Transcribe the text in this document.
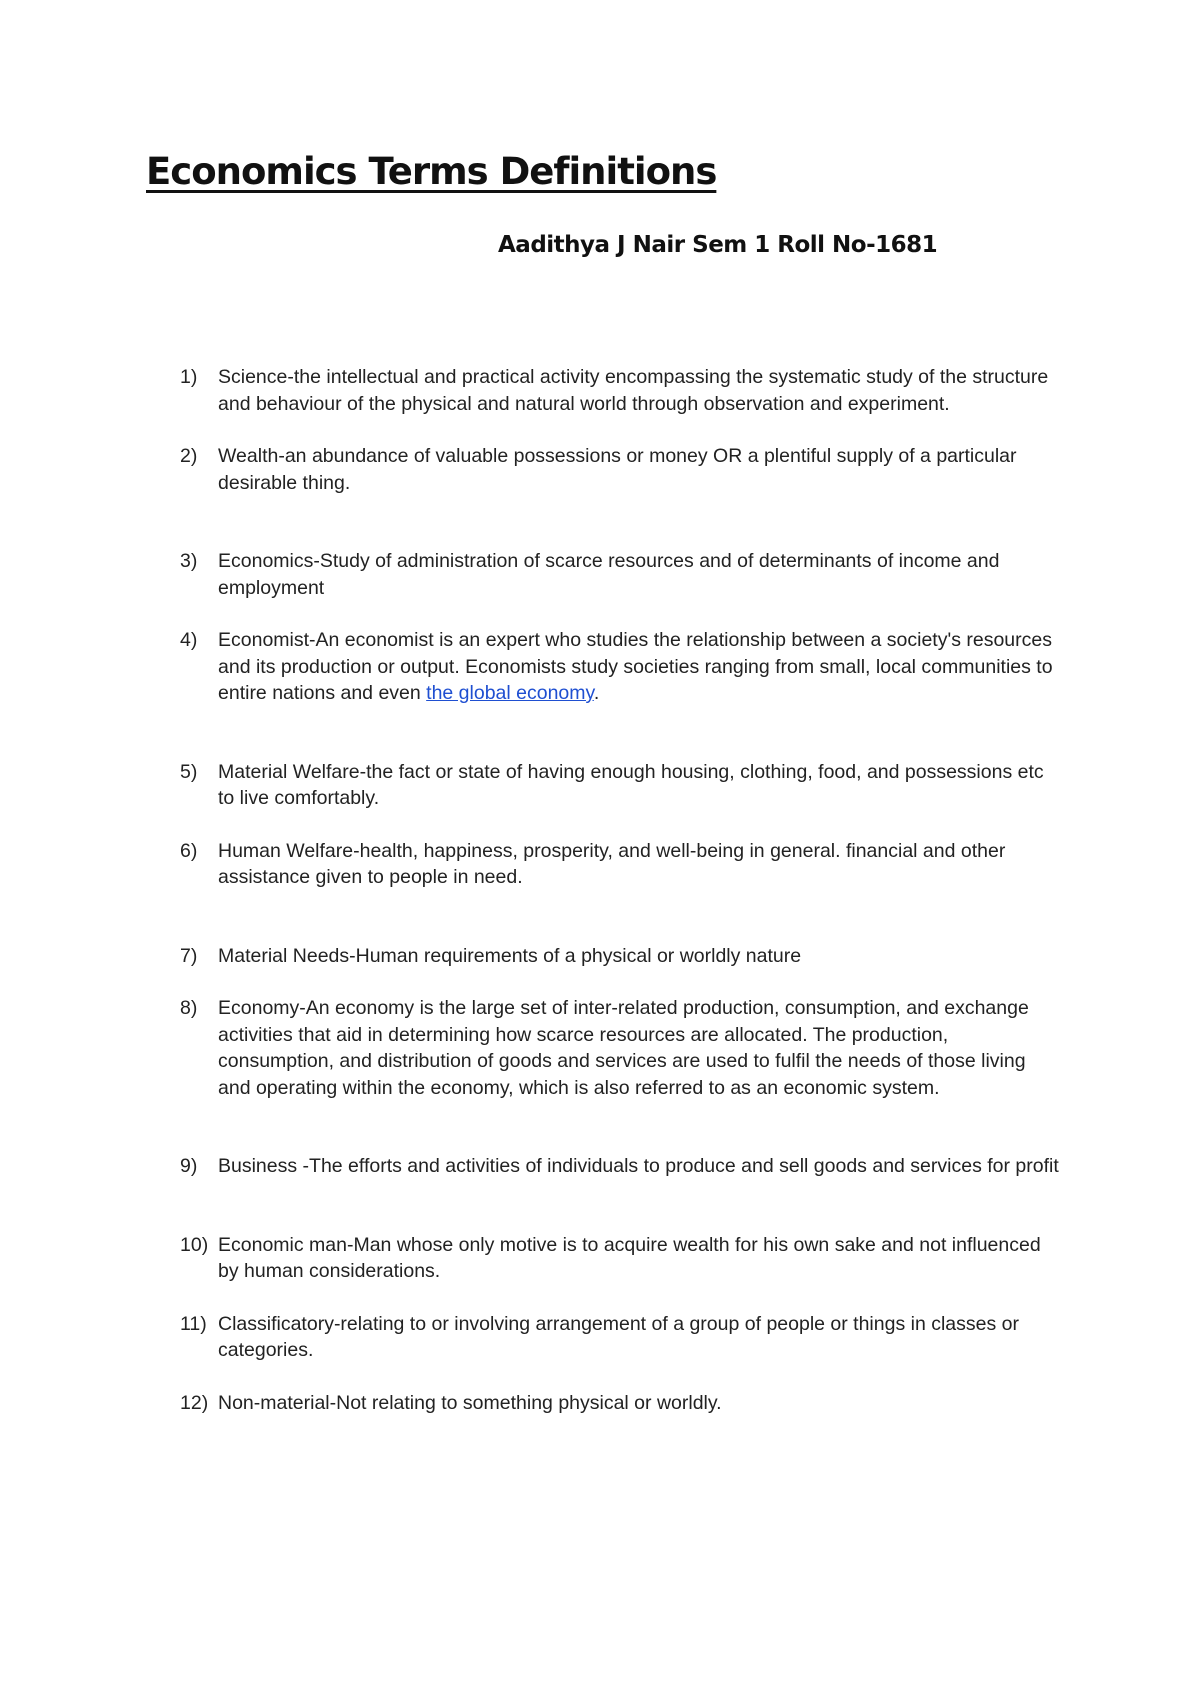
Economics Terms Definitions

Aadithya J Nair Sem 1 Roll No-1681

1) Science-the intellectual and practical activity encompassing the systematic study of the structure and behaviour of the physical and natural world through observation and experiment.
2) Wealth-an abundance of valuable possessions or money OR a plentiful supply of a particular desirable thing.
3) Economics-Study of administration of scarce resources and of determinants of income and employment
4) Economist-An economist is an expert who studies the relationship between a society's resources and its production or output. Economists study societies ranging from small, local communities to entire nations and even the global economy.
5) Material Welfare-the fact or state of having enough housing, clothing, food, and possessions etc to live comfortably.
6) Human Welfare-health, happiness, prosperity, and well-being in general. financial and other assistance given to people in need.
7) Material Needs-Human requirements of a physical or worldly nature
8) Economy-An economy is the large set of inter-related production, consumption, and exchange activities that aid in determining how scarce resources are allocated. The production, consumption, and distribution of goods and services are used to fulfil the needs of those living and operating within the economy, which is also referred to as an economic system.
9) Business -The efforts and activities of individuals to produce and sell goods and services for profit
10) Economic man-Man whose only motive is to acquire wealth for his own sake and not influenced by human considerations.
11) Classificatory-relating to or involving arrangement of a group of people or things in classes or categories.
12) Non-material-Not relating to something physical or worldly.
